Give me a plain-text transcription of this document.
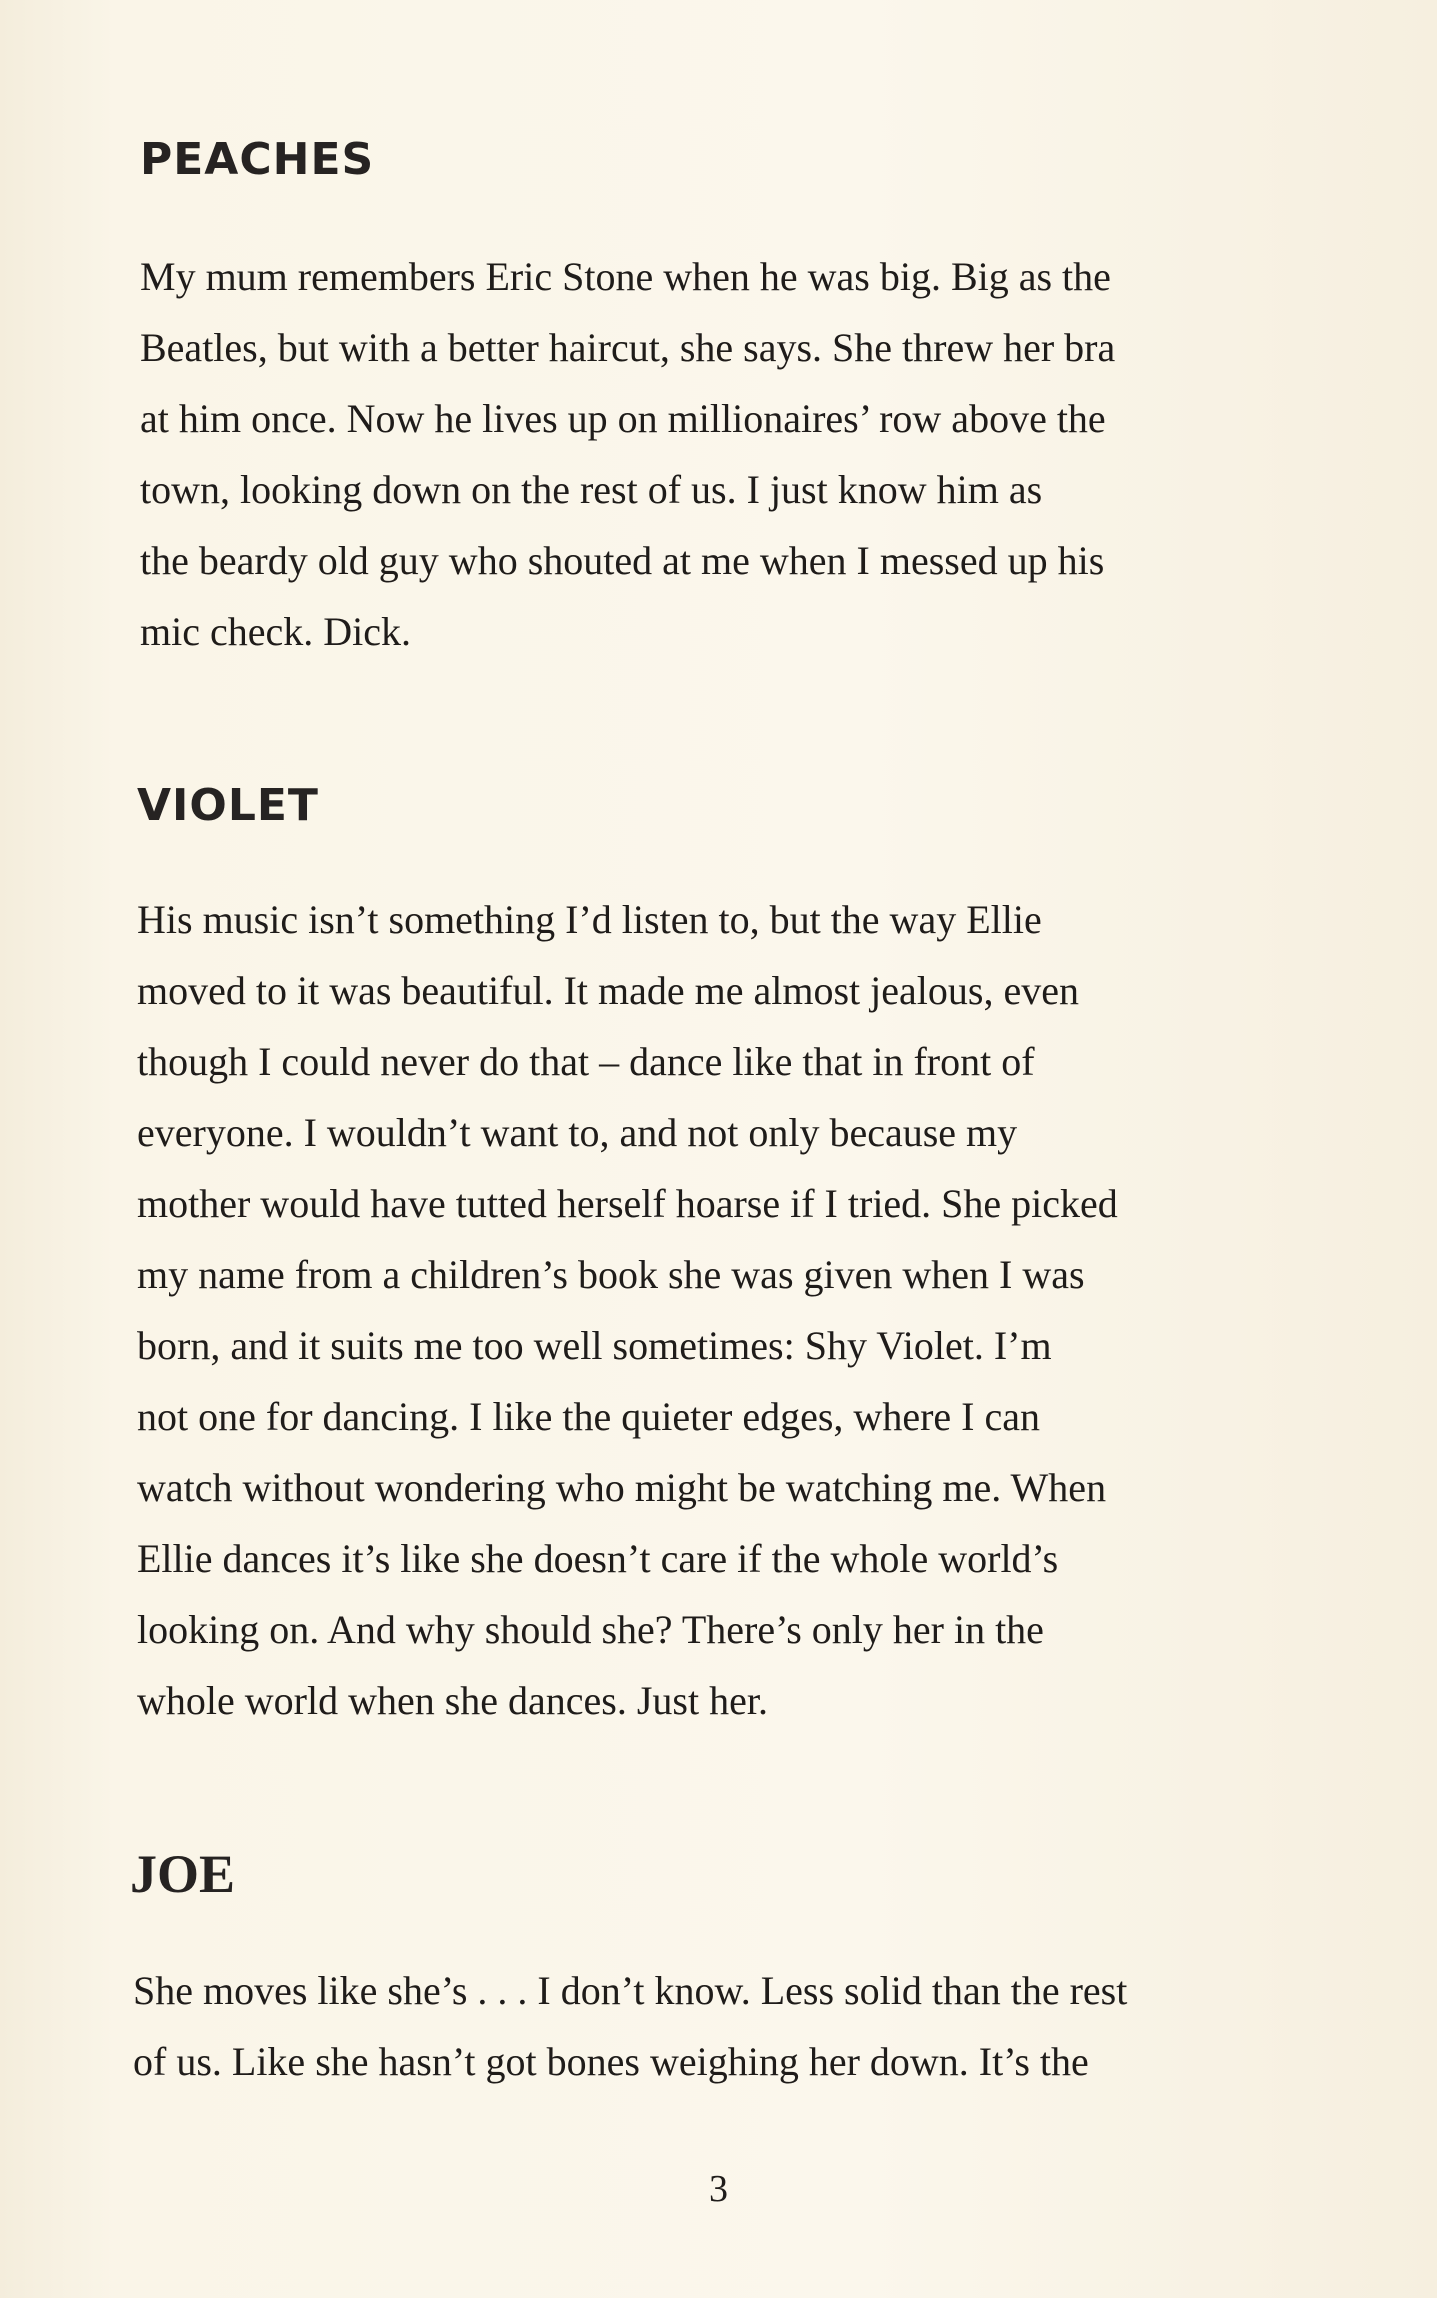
PEACHES
My mum remembers Eric Stone when he was big. Big as the
Beatles, but with a better haircut, she says. She threw her bra
at him once. Now he lives up on millionaires’ row above the
town, looking down on the rest of us. I just know him as
the beardy old guy who shouted at me when I messed up his
mic check. Dick.
VIOLET
His music isn’t something I’d listen to, but the way Ellie
moved to it was beautiful. It made me almost jealous, even
though I could never do that – dance like that in front of
everyone. I wouldn’t want to, and not only because my
mother would have tutted herself hoarse if I tried. She picked
my name from a children’s book she was given when I was
born, and it suits me too well sometimes: Shy Violet. I’m
not one for dancing. I like the quieter edges, where I can
watch without wondering who might be watching me. When
Ellie dances it’s like she doesn’t care if the whole world’s
looking on. And why should she? There’s only her in the
whole world when she dances. Just her.
JOE
She moves like she’s . . . I don’t know. Less solid than the rest
of us. Like she hasn’t got bones weighing her down. It’s the

3
